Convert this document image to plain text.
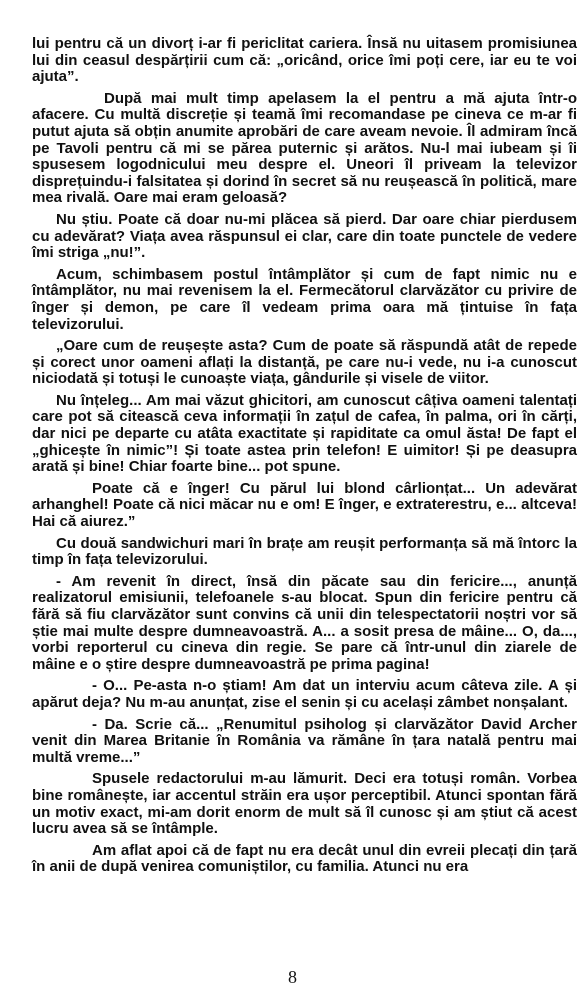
lui pentru că un divorț i-ar fi periclitat cariera. Însă nu uitasem promisiunea lui din ceasul despărțirii cum că: „oricând, orice îmi poți cere, iar eu te voi ajuta”.

După mai mult timp apelasem la el pentru a mă ajuta într-o afacere. Cu multă discreție și teamă îmi recomandase pe cineva ce m-ar fi putut ajuta să obțin anumite aprobări de care aveam nevoie. Îl admiram încă pe Tavoli pentru că mi se părea puternic și arătos. Nu-l mai iubeam și îi spusesem logodnicului meu despre el. Uneori îl priveam la televizor disprețuindu-i falsitatea și dorind în secret să nu reușească în politică, mare mea rivală. Oare mai eram geloasă?

Nu știu. Poate că doar nu-mi plăcea să pierd. Dar oare chiar pierdusem cu adevărat? Viața avea răspunsul ei clar, care din toate punctele de vedere îmi striga „nu!”.

Acum, schimbasem postul întâmplător și cum de fapt nimic nu e întâmplător, nu mai revenisem la el. Fermecătorul clarvăzător cu privire de înger și demon, pe care îl vedeam prima oara mă țintuise în fața televizorului.

„Oare cum de reușește asta? Cum de poate să răspundă atât de repede și corect unor oameni aflați la distanță, pe care nu-i vede, nu i-a cunoscut niciodată și totuși le cunoaște viața, gândurile și visele de viitor.

Nu înțeleg... Am mai văzut ghicitori, am cunoscut câțiva oameni talentați care pot să citească ceva informații în zațul de cafea, în palma, ori în cărți, dar nici pe departe cu atâta exactitate și rapiditate ca omul ăsta! De fapt el „ghicește în nimic”! Și toate astea prin telefon! E uimitor! Și pe deasupra arată și bine! Chiar foarte bine... pot spune.

Poate că e înger! Cu părul lui blond cârlionțat... Un adevărat arhanghel! Poate că nici măcar nu e om! E înger, e extraterestru, e... altceva! Hai că aiurez.”

Cu două sandwichuri mari în brațe am reușit performanța să mă întorc la timp în fața televizorului.

- Am revenit în direct, însă din păcate sau din fericire..., anunță realizatorul emisiunii, telefoanele s-au blocat. Spun din fericire pentru că fără să fiu clarvăzător sunt convins că unii din telespectatorii noștri vor să știe mai multe despre dumneavoastră. A... a sosit presa de mâine... O, da..., vorbi reporterul cu cineva din regie. Se pare că într-unul din ziarele de mâine e o știre despre dumneavoastră pe prima pagina!

- O... Pe-asta n-o știam! Am dat un interviu acum câteva zile. A și apărut deja? Nu m-au anunțat, zise el senin și cu același zâmbet nonșalant.

- Da. Scrie că... „Renumitul psiholog și clarvăzător David Archer venit din Marea Britanie în România va rămâne în țara natală pentru mai multă vreme...”

Spusele redactorului m-au lămurit. Deci era totuși român. Vorbea bine românește, iar accentul străin era ușor perceptibil. Atunci spontan fără un motiv exact, mi-am dorit enorm de mult să îl cunosc și am știut că acest lucru avea să se întâmple.

Am aflat apoi că de fapt nu era decât unul din evreii plecați din țară în anii de după venirea comuniștilor, cu familia. Atunci nu era

8
